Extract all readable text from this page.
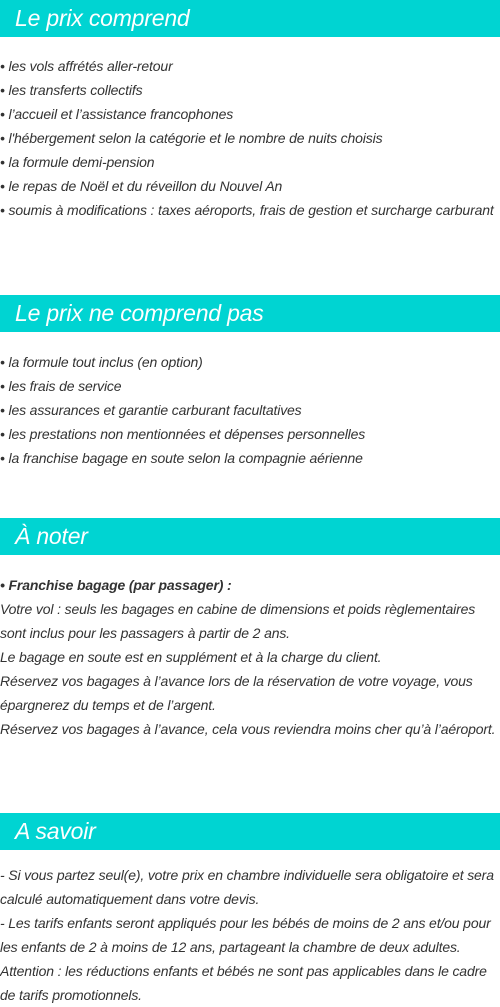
Le prix comprend
• les vols affrétés aller-retour
• les transferts collectifs
• l’accueil et l’assistance francophones
• l'hébergement selon la catégorie et le nombre de nuits choisis
• la formule demi-pension
• le repas de Noël et du réveillon du Nouvel An
• soumis à modifications : taxes aéroports, frais de gestion et surcharge carburant
Le prix ne comprend pas
• la formule tout inclus (en option)
• les frais de service
• les assurances et garantie carburant facultatives
• les prestations non mentionnées et dépenses personnelles
• la franchise bagage en soute selon la compagnie aérienne
À noter
• Franchise bagage (par passager) :
Votre vol : seuls les bagages en cabine de dimensions et poids règlementaires sont inclus pour les passagers à partir de 2 ans.
Le bagage en soute est en supplément et à la charge du client.
Réservez vos bagages à l’avance lors de la réservation de votre voyage, vous épargnerez du temps et de l’argent.
Réservez vos bagages à l’avance, cela vous reviendra moins cher qu’à l’aéroport.
A savoir
- Si vous partez seul(e), votre prix en chambre individuelle sera obligatoire et sera calculé automatiquement dans votre devis.
- Les tarifs enfants seront appliqués pour les bébés de moins de 2 ans et/ou pour les enfants de 2 à moins de 12 ans, partageant la chambre de deux adultes.
Attention : les réductions enfants et bébés ne sont pas applicables dans le cadre de tarifs promotionnels.
